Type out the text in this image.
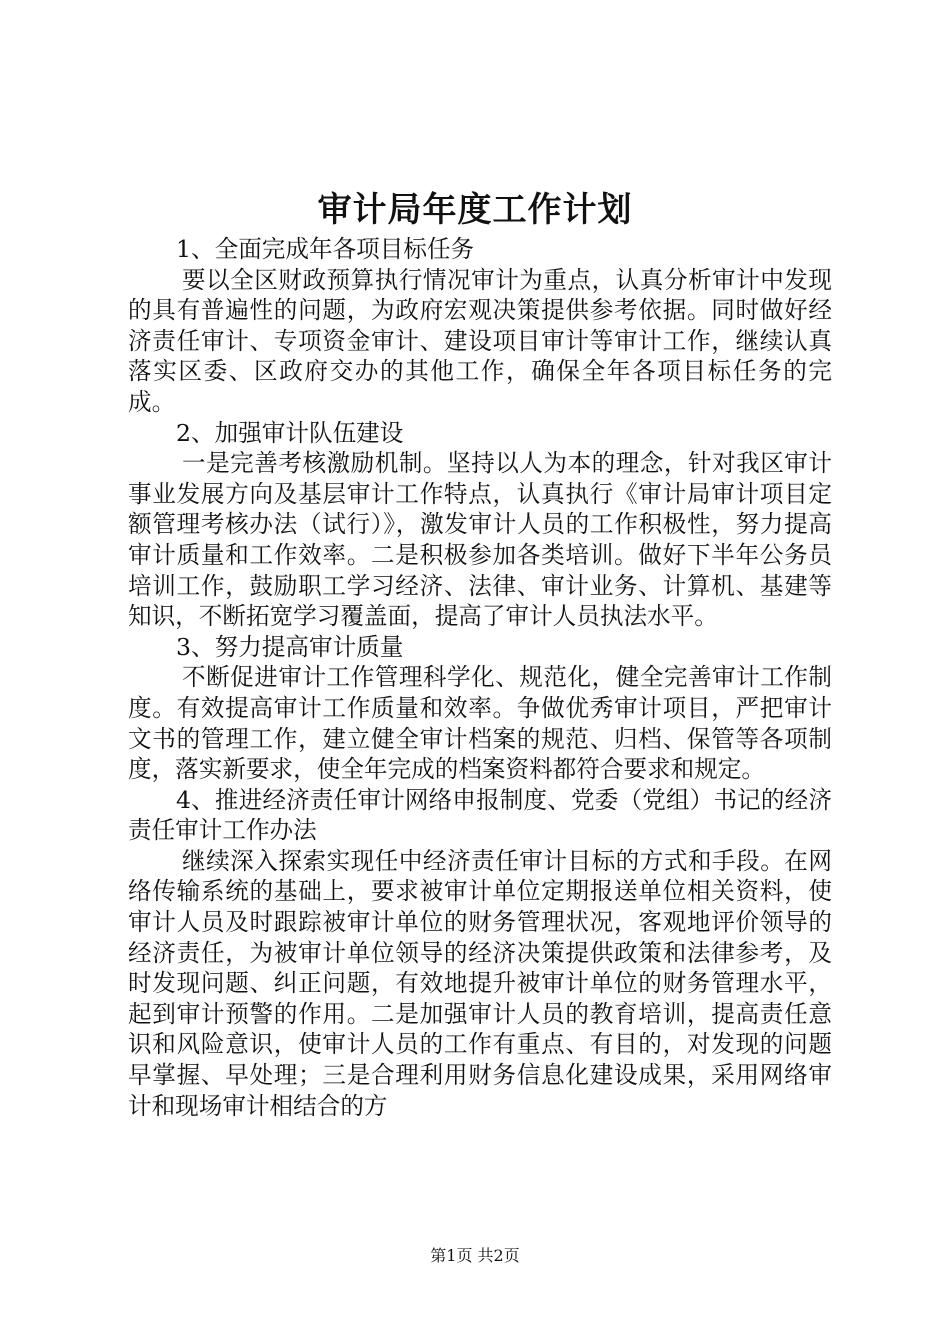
审计局年度工作计划

1、全面完成年各项目标任务

要以全区财政预算执行情况审计为重点，认真分析审计中发现的具有普遍性的问题，为政府宏观决策提供参考依据。同时做好经济责任审计、专项资金审计、建设项目审计等审计工作，继续认真落实区委、区政府交办的其他工作，确保全年各项目标任务的完成。

2、加强审计队伍建设

一是完善考核激励机制。坚持以人为本的理念，针对我区审计事业发展方向及基层审计工作特点，认真执行《审计局审计项目定额管理考核办法（试行）》，激发审计人员的工作积极性，努力提高审计质量和工作效率。二是积极参加各类培训。做好下半年公务员培训工作，鼓励职工学习经济、法律、审计业务、计算机、基建等知识，不断拓宽学习覆盖面，提高了审计人员执法水平。

3、努力提高审计质量

不断促进审计工作管理科学化、规范化，健全完善审计工作制度。有效提高审计工作质量和效率。争做优秀审计项目，严把审计文书的管理工作，建立健全审计档案的规范、归档、保管等各项制度，落实新要求，使全年完成的档案资料都符合要求和规定。

4、推进经济责任审计网络申报制度、党委（党组）书记的经济责任审计工作办法

继续深入探索实现任中经济责任审计目标的方式和手段。在网络传输系统的基础上，要求被审计单位定期报送单位相关资料，使审计人员及时跟踪被审计单位的财务管理状况，客观地评价领导的经济责任，为被审计单位领导的经济决策提供政策和法律参考，及时发现问题、纠正问题，有效地提升被审计单位的财务管理水平，起到审计预警的作用。二是加强审计人员的教育培训，提高责任意识和风险意识，使审计人员的工作有重点、有目的，对发现的问题早掌握、早处理；三是合理利用财务信息化建设成果，采用网络审计和现场审计相结合的方

第1页 共2页
